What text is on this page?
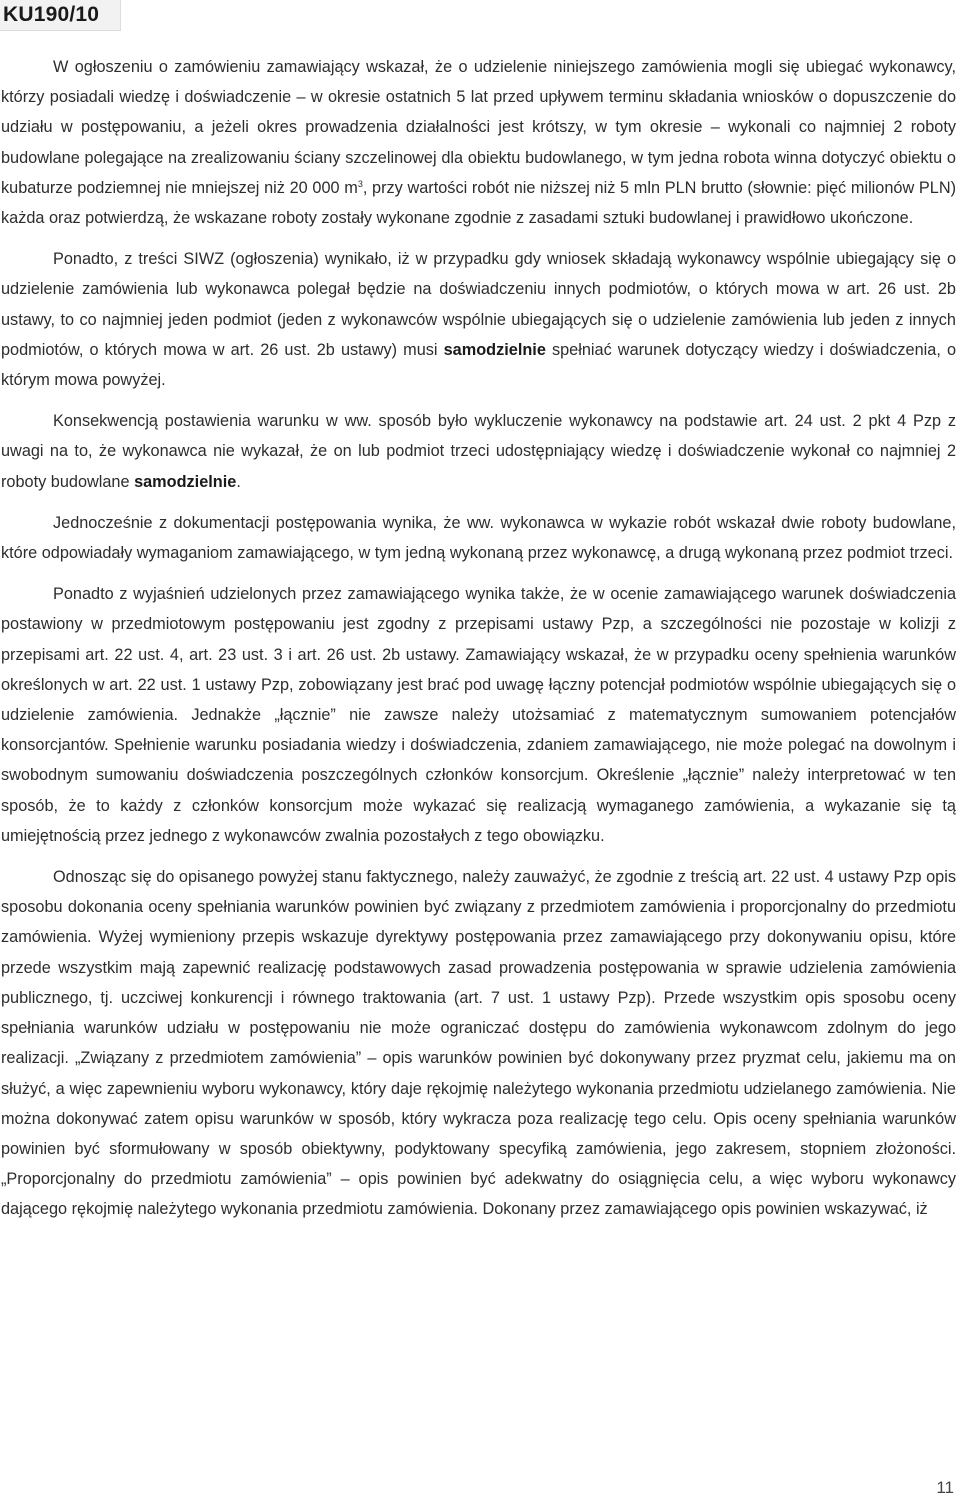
KU190/10

W ogłoszeniu o zamówieniu zamawiający wskazał, że o udzielenie niniejszego zamówienia mogli się ubiegać wykonawcy, którzy posiadali wiedzę i doświadczenie – w okresie ostatnich 5 lat przed upływem terminu składania wniosków o dopuszczenie do udziału w postępowaniu, a jeżeli okres prowadzenia działalności jest krótszy, w tym okresie – wykonali co najmniej 2 roboty budowlane polegające na zrealizowaniu ściany szczelinowej dla obiektu budowlanego, w tym jedna robota winna dotyczyć obiektu o kubaturze podziemnej nie mniejszej niż 20 000 $m^3$, przy wartości robót nie niższej niż 5 mln PLN brutto (słownie: pięć milionów PLN) każda oraz potwierdzą, że wskazane roboty zostały wykonane zgodnie z zasadami sztuki budowlanej i prawidłowo ukończone.

Ponadto, z treści SIWZ (ogłoszenia) wynikało, iż w przypadku gdy wniosek składają wykonawcy wspólnie ubiegający się o udzielenie zamówienia lub wykonawca polegał będzie na doświadczeniu innych podmiotów, o których mowa w art. 26 ust. 2b ustawy, to co najmniej jeden podmiot (jeden z wykonawców wspólnie ubiegających się o udzielenie zamówienia lub jeden z innych podmiotów, o których mowa w art. 26 ust. 2b ustawy) musi samodzielnie spełniać warunek dotyczący wiedzy i doświadczenia, o którym mowa powyżej.

Konsekwencją postawienia warunku w ww. sposób było wykluczenie wykonawcy na podstawie art. 24 ust. 2 pkt 4 Pzp z uwagi na to, że wykonawca nie wykazał, że on lub podmiot trzeci udostępniający wiedzę i doświadczenie wykonał co najmniej 2 roboty budowlane samodzielnie.

Jednocześnie z dokumentacji postępowania wynika, że ww. wykonawca w wykazie robót wskazał dwie roboty budowlane, które odpowiadały wymaganiom zamawiającego, w tym jedną wykonaną przez wykonawcę, a drugą wykonaną przez podmiot trzeci.

Ponadto z wyjaśnień udzielonych przez zamawiającego wynika także, że w ocenie zamawiającego warunek doświadczenia postawiony w przedmiotowym postępowaniu jest zgodny z przepisami ustawy Pzp, a szczególności nie pozostaje w kolizji z przepisami art. 22 ust. 4, art. 23 ust. 3 i art. 26 ust. 2b ustawy. Zamawiający wskazał, że w przypadku oceny spełnienia warunków określonych w art. 22 ust. 1 ustawy Pzp, zobowiązany jest brać pod uwagę łączny potencjał podmiotów wspólnie ubiegających się o udzielenie zamówienia. Jednakże „łącznie” nie zawsze należy utożsamiać z matematycznym sumowaniem potencjałów konsorcjantów. Spełnienie warunku posiadania wiedzy i doświadczenia, zdaniem zamawiającego, nie może polegać na dowolnym i swobodnym sumowaniu doświadczenia poszczególnych członków konsorcjum. Określenie „łącznie” należy interpretować w ten sposób, że to każdy z członków konsorcjum może wykazać się realizacją wymaganego zamówienia, a wykazanie się tą umiejętnością przez jednego z wykonawców zwalnia pozostałych z tego obowiązku.

Odnosząc się do opisanego powyżej stanu faktycznego, należy zauważyć, że zgodnie z treścią art. 22 ust. 4 ustawy Pzp opis sposobu dokonania oceny spełniania warunków powinien być związany z przedmiotem zamówienia i proporcjonalny do przedmiotu zamówienia. Wyżej wymieniony przepis wskazuje dyrektywy postępowania przez zamawiającego przy dokonywaniu opisu, które przede wszystkim mają zapewnić realizację podstawowych zasad prowadzenia postępowania w sprawie udzielenia zamówienia publicznego, tj. uczciwej konkurencji i równego traktowania (art. 7 ust. 1 ustawy Pzp). Przede wszystkim opis sposobu oceny spełniania warunków udziału w postępowaniu nie może ograniczać dostępu do zamówienia wykonawcom zdolnym do jego realizacji. „Związany z przedmiotem zamówienia” – opis warunków powinien być dokonywany przez pryzmat celu, jakiemu ma on służyć, a więc zapewnieniu wyboru wykonawcy, który daje rękojmię należytego wykonania przedmiotu udzielanego zamówienia. Nie można dokonywać zatem opisu warunków w sposób, który wykracza poza realizację tego celu. Opis oceny spełniania warunków powinien być sformułowany w sposób obiektywny, podyktowany specyfiką zamówienia, jego zakresem, stopniem złożoności. „Proporcjonalny do przedmiotu zamówienia” – opis powinien być adekwatny do osiągnięcia celu, a więc wyboru wykonawcy dającego rękojmię należytego wykonania przedmiotu zamówienia. Dokonany przez zamawiającego opis powinien wskazywać, iż

11
